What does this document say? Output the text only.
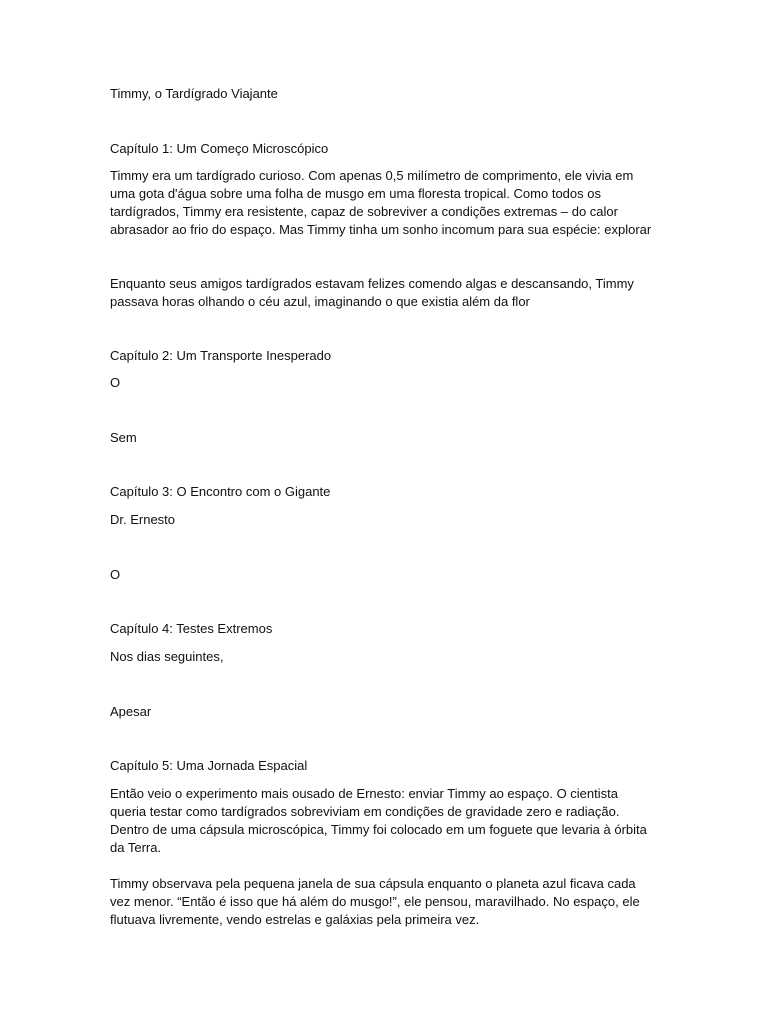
Timmy, o Tardígrado Viajante
Capítulo 1: Um Começo Microscópico
Timmy era um tardígrado curioso. Com apenas 0,5 milímetro de comprimento, ele vivia em uma gota d'água sobre uma folha de musgo em uma floresta tropical. Como todos os tardígrados, Timmy era resistente, capaz de sobreviver a condições extremas – do calor abrasador ao frio do espaço. Mas Timmy tinha um sonho incomum para sua espécie: explorar
Enquanto seus amigos tardígrados estavam felizes comendo algas e descansando, Timmy passava horas olhando o céu azul, imaginando o que existia além da flor
Capítulo 2: Um Transporte Inesperado
O
Sem
Capítulo 3: O Encontro com o Gigante
Dr. Ernesto
O
Capítulo 4: Testes Extremos
Nos dias seguintes,
Apesar
Capítulo 5: Uma Jornada Espacial
Então veio o experimento mais ousado de Ernesto: enviar Timmy ao espaço. O cientista queria testar como tardígrados sobreviviam em condições de gravidade zero e radiação. Dentro de uma cápsula microscópica, Timmy foi colocado em um foguete que levaria à órbita da Terra.
Timmy observava pela pequena janela de sua cápsula enquanto o planeta azul ficava cada vez menor. “Então é isso que há além do musgo!”, ele pensou, maravilhado. No espaço, ele flutuava livremente, vendo estrelas e galáxias pela primeira vez.
